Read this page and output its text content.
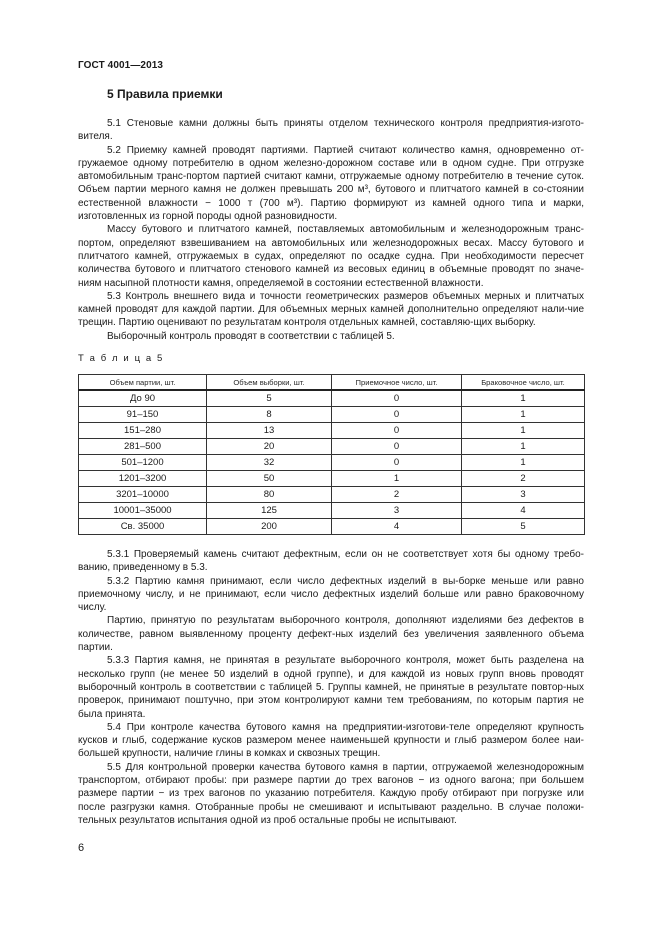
ГОСТ 4001—2013
5 Правила приемки

5.1 Стеновые камни должны быть приняты отделом технического контроля предприятия-изгото-вителя.

5.2 Приемку камней проводят партиями. Партией считают количество камня, одновременно от-гружаемое одному потребителю в одном железно-дорожном составе или в одном судне. При отгрузке автомобильным транс-портом партией считают камни, отгружаемые одному потребителю в течение суток. Объем партии мерного камня не должен превышать 200 м³, бутового и плитчатого камней в со-стоянии естественной влажности − 1000 т (700 м³). Партию формируют из камней одного типа и марки, изготовленных из горной породы одной разновидности.

Массу бутового и плитчатого камней, поставляемых автомобильным и железнодорожным транс-портом, определяют взвешиванием на автомобильных или железнодорожных весах. Массу бутового и плитчатого камней, отгружаемых в судах, определяют по осадке судна. При необходимости пересчет количества бутового и плитчатого стенового камней из весовых единиц в объемные проводят по значе-ниям насыпной плотности камня, определяемой в состоянии естественной влажности.

5.3 Контроль внешнего вида и точности геометрических размеров объемных мерных и плитчатых камней проводят для каждой партии. Для объемных мерных камней дополнительно определяют нали-чие трещин. Партию оценивают по результатам контроля отдельных камней, составляю-щих выборку.

Выборочный контроль проводят в соответствии с таблицей 5.

Т а б л и ц а 5
Объем партии, шт.	Объем выборки, шт.	Приемочное число, шт.	Браковочное число, шт.
До 90	5	0	1
91–150	8	0	1
151–280	13	0	1
281–500	20	0	1
501–1200	32	0	1
1201–3200	50	1	2
3201–10000	80	2	3
10001–35000	125	3	4
Св. 35000	200	4	5

5.3.1 Проверяемый камень считают дефектным, если он не соответствует хотя бы одному требо-ванию, приведенному в 5.3.

5.3.2 Партию камня принимают, если число дефектных изделий в вы-борке меньше или равно приемочному числу, и не принимают, если число дефектных изделий больше или равно браковочному числу.

Партию, принятую по результатам выборочного контроля, дополняют изделиями без дефектов в количестве, равном выявленному проценту дефект-ных изделий без увеличения заявленного объема партии.

5.3.3 Партия камня, не принятая в результате выборочного контроля, может быть разделена на несколько групп (не менее 50 изделий в одной группе), и для каждой из новых групп вновь проводят выборочный контроль в соответствии с таблицей 5. Группы камней, не принятые в результате повтор-ных проверок, принимают поштучно, при этом контролируют камни тем требованиям, по которым партия не была принята.

5.4 При контроле качества бутового камня на предприятии-изготови-теле определяют крупность кусков и глыб, содержание кусков размером менее наименьшей крупности и глыб размером более наи-большей крупности, наличие глины в комках и сквозных трещин.

5.5 Для контрольной проверки качества бутового камня в партии, отгружаемой железнодорожным транспортом, отбирают пробы: при размере партии до трех вагонов − из одного вагона; при большем размере партии − из трех вагонов по указанию потребителя. Каждую пробу отбирают при погрузке или после разгрузки камня. Отобранные пробы не смешивают и испытывают раздельно. В случае положи-тельных результатов испытания одной из проб остальные пробы не испытывают.

6
